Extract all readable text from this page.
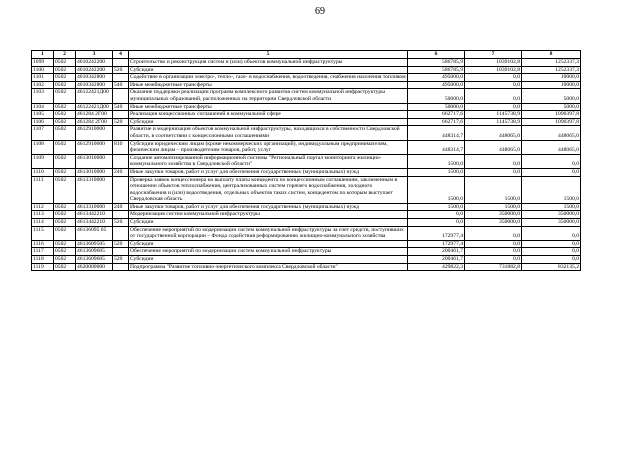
69
1	2	3	4	5	6	7	8
1099	0502	4610242200		Строительство и реконструкция систем и (или) объектов коммунальной инфраструктуры	586785,9	1039102,8	1252337,3
1100	0502	4610242200	520	Субсидии	586785,9	1039102,8	1252337,3
1101	0502	4610342800		Содействие в организации электро-, тепло-, газо- и водоснабжения, водоотведения, снабжения населения топливом	495000,0	0,0	10000,0
1102	0502	4610342800	540	Иные межбюджетные трансферты	495000,0	0,0	10000,0
1103	0502	46122421Д00		Оказание поддержки реализации программ комплексного развития систем коммунальной инфраструктуры муниципальных образований, расположенных на территории Свердловской области	50000,0	0,0	5000,0
1104	0502	46122421Д00	540	Иные межбюджетные трансферты	50000,0	0,0	5000,0
1105	0502	461284 2Г00		Реализация концессионных соглашений в коммунальной сфере	662717,6	1145738,9	1090397,8
1106	0502	461284 2Г00	520	Субсидии	662717,6	1145738,9	1090397,8
1107	0502	4612910000		Развитие и модернизация объектов коммунальной инфраструктуры, находящихся в собственности Свердловской области, в соответствии с концессионными соглашениями	448314,7	448065,0	448065,0
1108	0502	4612910000	810	Субсидии юридическим лицам (кроме некоммерческих организаций), индивидуальным предпринимателям, физическим лицам – производителям товаров, работ, услуг	448314,7	448065,0	448065,0
1109	0502	4613010000		Создание автоматизированной информационной системы "Региональный портал мониторинга жилищно-коммунального хозяйства в Свердловской области"	1500,0	0,0	0,0
1110	0502	4613010000	240	Иные закупки товаров, работ и услуг для обеспечения государственных (муниципальных) нужд	1500,0	0,0	0,0
1111	0502	4613310000		Проверка заявок концессионера на выплату платы концедента по концессионным соглашениям, заключенным в отношении объектов теплоснабжения, централизованных систем горячего водоснабжения, холодного водоснабжения и (или) водоотведения, отдельных объектов таких систем, концедентом по которым выступает Свердловская область	1500,0	1500,0	1500,0
1112	0502	4613310000	240	Иные закупки товаров, работ и услуг для обеспечения государственных (муниципальных) нужд	1500,0	1500,0	1500,0
1113	0502	4613442210		Модернизация систем коммунальной инфраструктуры	0,0	350000,0	350000,0
1114	0502	4613442210	520	Субсидии	0,0	350000,0	350000,0
1115	0502	46136095 05		Обеспечение мероприятий по модернизации систем коммунальной инфраструктуры за счет средств, поступивших от государственной корпорации – Фонда содействия реформированию жилищно-коммунального хозяйства	172977,4	0,0	0,0
1116	0502	4613609505	520	Субсидии	172977,4	0,0	0,0
1117	0502	4613609605		Обеспечение мероприятий по модернизации систем коммунальной инфраструктуры	200461,7	0,0	0,0
1118	0502	4613609605	520	Субсидии	200461,7	0,0	0,0
1119	0502	4620000000		Подпрограмма "Развитие топливно-энергетического комплекса Свердловской области"	429822,3	731882,8	832135,2
